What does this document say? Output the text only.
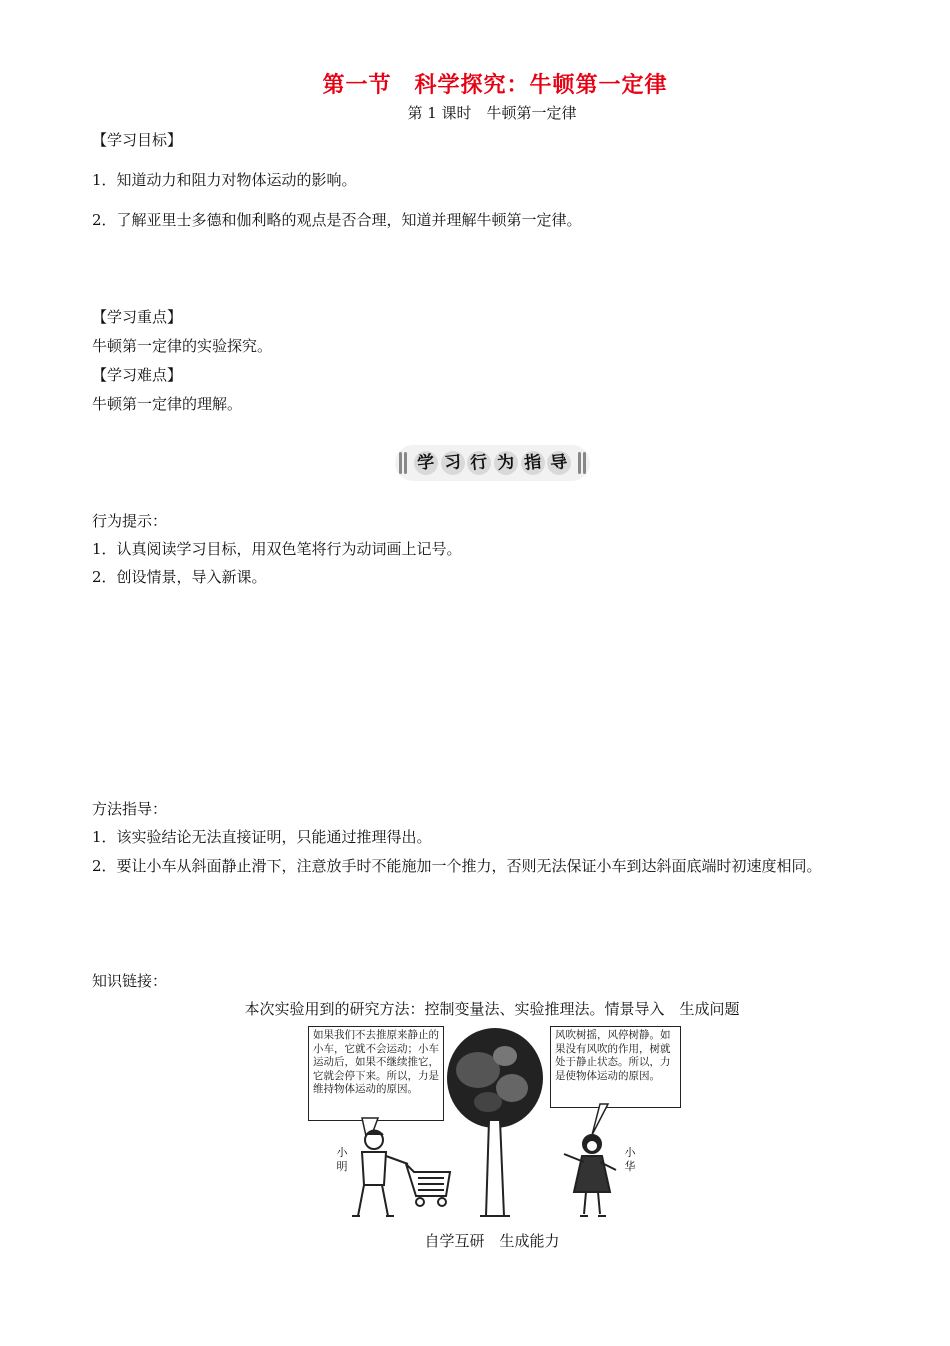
第一节　科学探究：牛顿第一定律
第 1 课时　牛顿第一定律
【学习目标】
1．知道动力和阻力对物体运动的影响。
2．了解亚里士多德和伽利略的观点是否合理，知道并理解牛顿第一定律。
【学习重点】
牛顿第一定律的实验探究。
【学习难点】
牛顿第一定律的理解。
学 习 行 为 指 导
行为提示：
1．认真阅读学习目标，用双色笔将行为动词画上记号。
2．创设情景，导入新课。
方法指导：
1．该实验结论无法直接证明，只能通过推理得出。
2．要让小车从斜面静止滑下，注意放手时不能施加一个推力，否则无法保证小车到达斜面底端时初速度相同。
知识链接：
本次实验用到的研究方法：控制变量法、实验推理法。情景导入　生成问题
如果我们不去推原来静止的小车，它就不会运动；小车运动后，如果不继续推它，它就会停下来。所以，力是维持物体运动的原因。
风吹树摇，风停树静。如果没有风吹的作用，树就处于静止状态。所以，力是使物体运动的原因。
小
明
小
华
自学互研　生成能力
